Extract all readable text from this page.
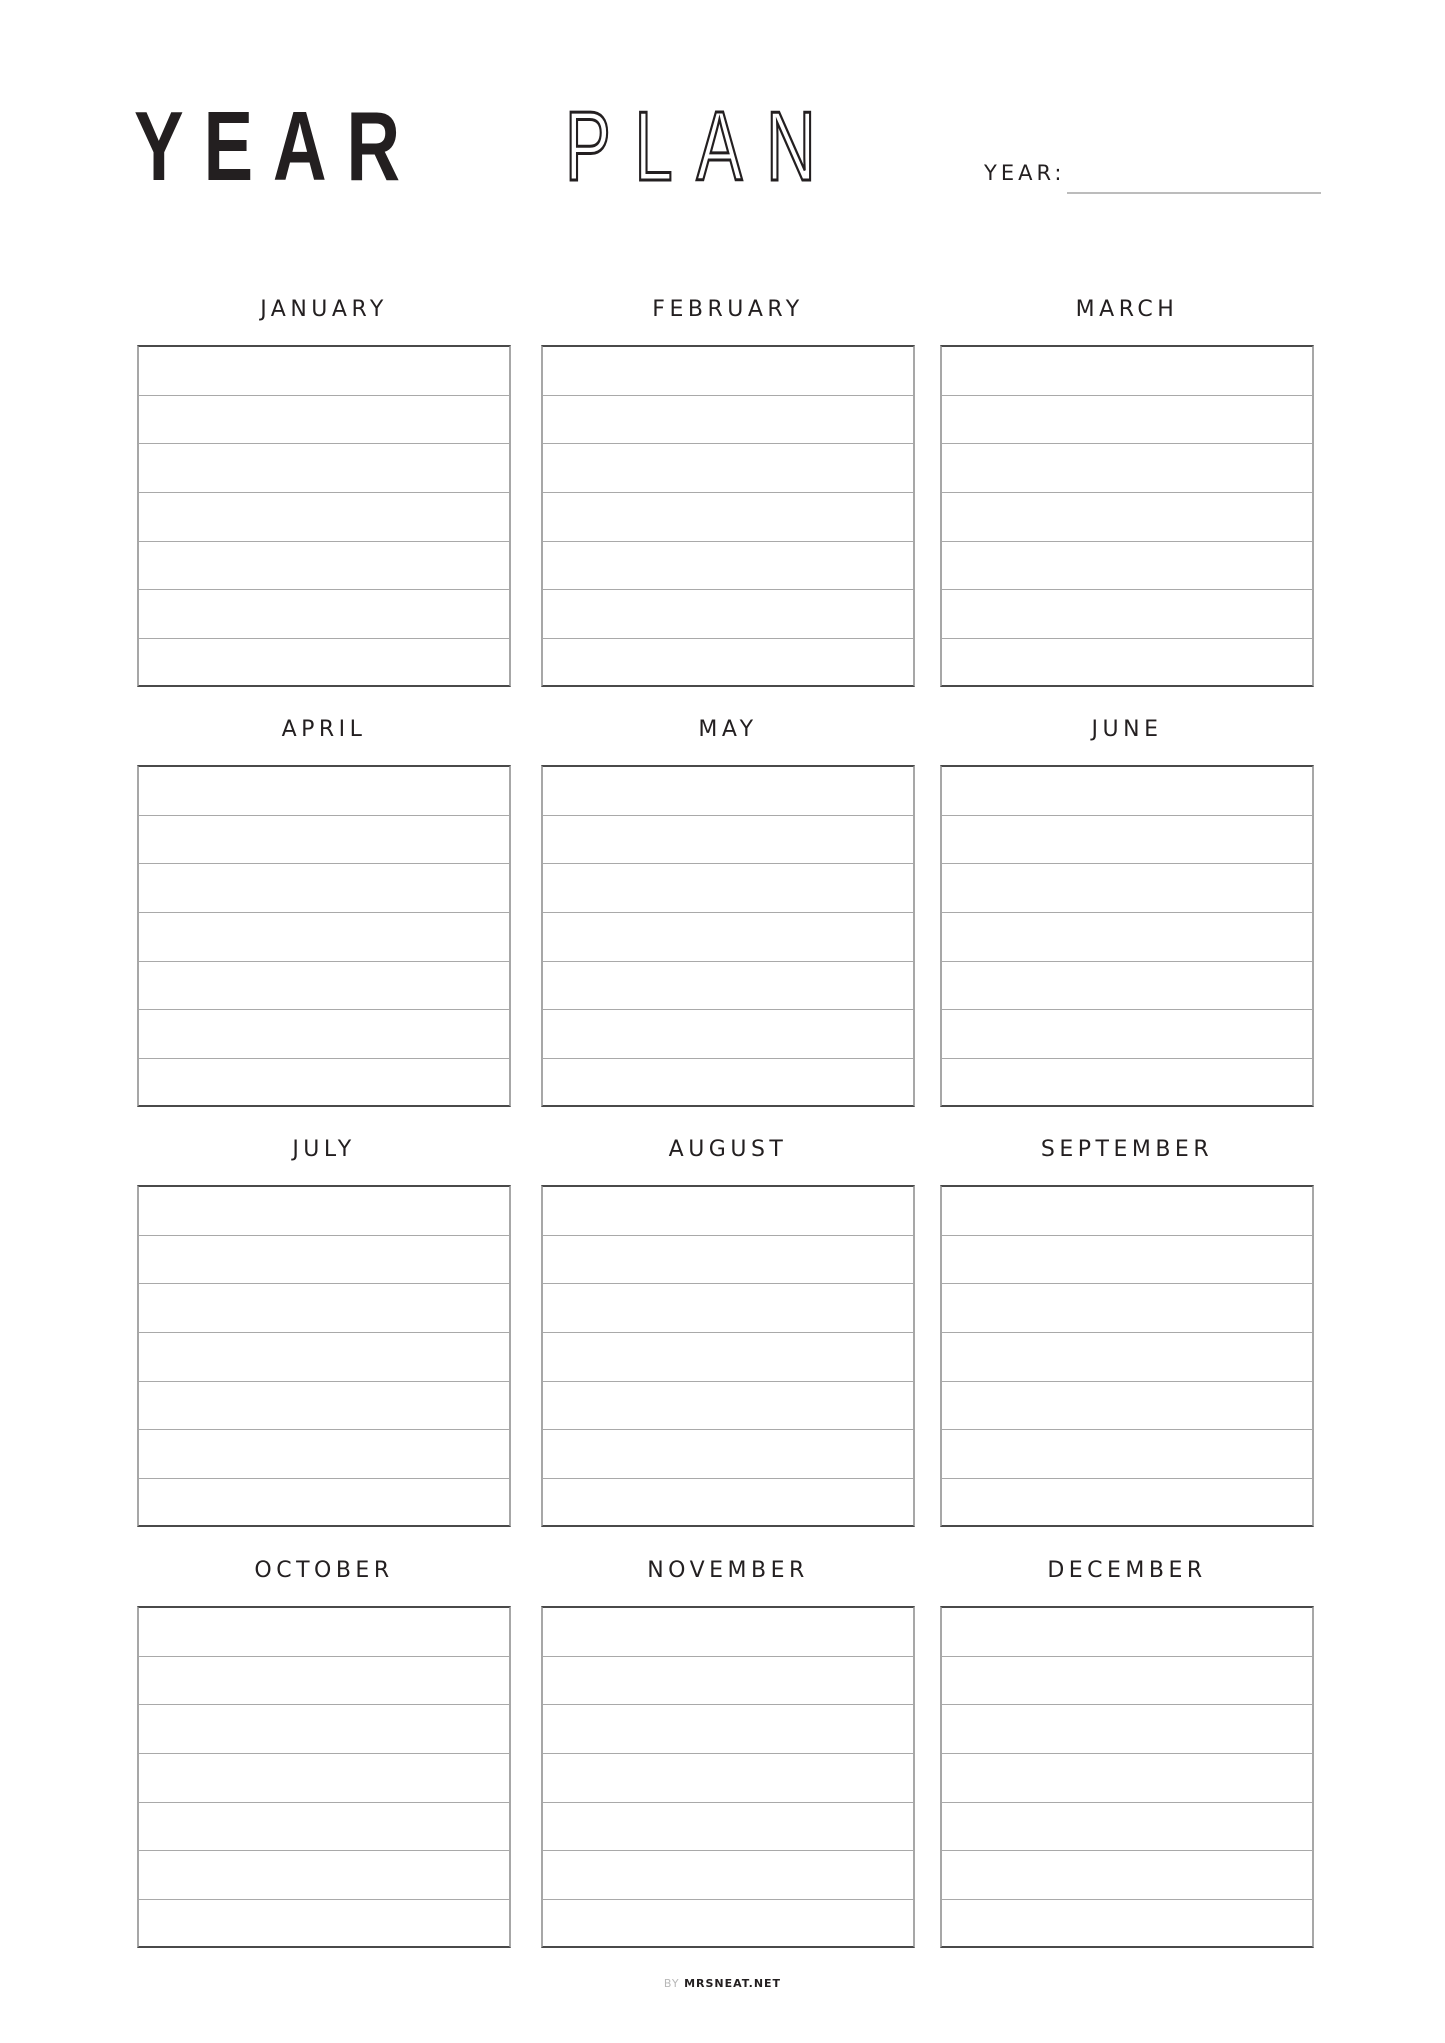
YEAR PLAN	YEAR:
JANUARY	FEBRUARY	MARCH
APRIL	MAY	JUNE
JULY	AUGUST	SEPTEMBER
OCTOBER	NOVEMBER	DECEMBER
BY MRSNEAT.NET
